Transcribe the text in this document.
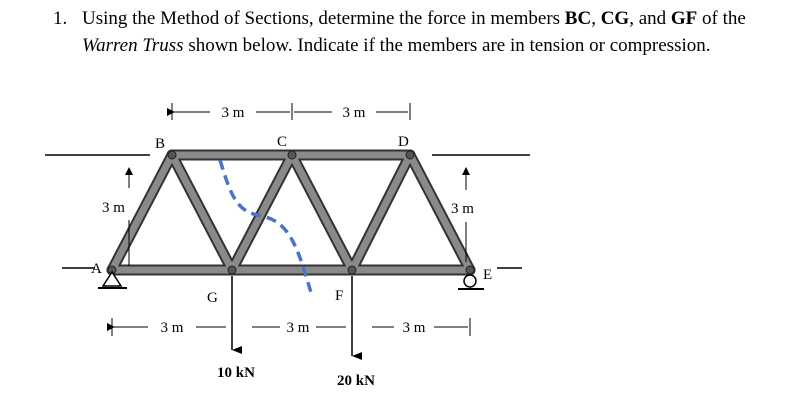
1. Using the Method of Sections, determine the force in members BC, CG, and GF of the
Warren Truss shown below. Indicate if the members are in tension or compression.
3 m	3 m
3 m	3 m
3 m	3 m	3 m
10 kN	20 kN
B	C	D
A
G	F
E
